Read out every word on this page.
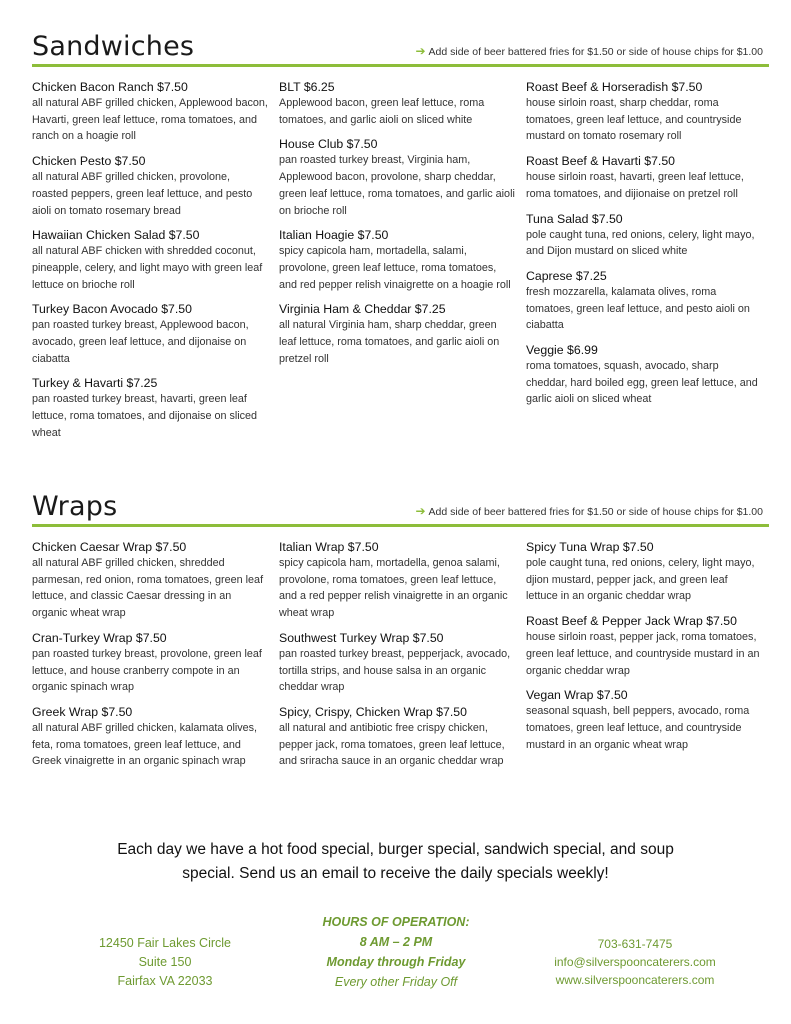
Sandwiches	➔ Add side of beer battered fries for $1.50 or side of house chips for $1.00
Chicken Bacon Ranch $7.50
all natural ABF grilled chicken, Applewood bacon, Havarti, green leaf lettuce, roma tomatoes, and ranch on a hoagie roll
Chicken Pesto $7.50
all natural ABF grilled chicken, provolone, roasted peppers, green leaf lettuce, and pesto aioli on tomato rosemary bread
Hawaiian Chicken Salad $7.50
all natural ABF chicken with shredded coconut, pineapple, celery, and light mayo with green leaf lettuce on brioche roll
Turkey Bacon Avocado $7.50
pan roasted turkey breast, Applewood bacon, avocado, green leaf lettuce, and dijonaise on ciabatta
Turkey & Havarti $7.25
pan roasted turkey breast, havarti, green leaf lettuce, roma tomatoes, and dijonaise on sliced wheat
BLT $6.25
Applewood bacon, green leaf lettuce, roma tomatoes, and garlic aioli on sliced white
House Club $7.50
pan roasted turkey breast, Virginia ham, Applewood bacon, provolone, sharp cheddar, green leaf lettuce, roma tomatoes, and garlic aioli on brioche roll
Italian Hoagie $7.50
spicy capicola ham, mortadella, salami, provolone, green leaf lettuce, roma tomatoes, and red pepper relish vinaigrette on a hoagie roll
Virginia Ham & Cheddar $7.25
all natural Virginia ham, sharp cheddar, green leaf lettuce, roma tomatoes, and garlic aioli on pretzel roll
Roast Beef & Horseradish $7.50
house sirloin roast, sharp cheddar, roma tomatoes, green leaf lettuce, and countryside mustard on tomato rosemary roll
Roast Beef & Havarti $7.50
house sirloin roast, havarti, green leaf lettuce, roma tomatoes, and dijionaise on pretzel roll
Tuna Salad $7.50
pole caught tuna, red onions, celery, light mayo, and Dijon mustard on sliced white
Caprese $7.25
fresh mozzarella, kalamata olives, roma tomatoes, green leaf lettuce, and pesto aioli on ciabatta
Veggie $6.99
roma tomatoes, squash, avocado, sharp cheddar, hard boiled egg, green leaf lettuce, and garlic aioli on sliced wheat
Wraps	➔ Add side of beer battered fries for $1.50 or side of house chips for $1.00
Chicken Caesar Wrap $7.50
all natural ABF grilled chicken, shredded parmesan, red onion, roma tomatoes, green leaf lettuce, and classic Caesar dressing in an organic wheat wrap
Cran-Turkey Wrap $7.50
pan roasted turkey breast, provolone, green leaf lettuce, and house cranberry compote in an organic spinach wrap
Greek Wrap $7.50
all natural ABF grilled chicken, kalamata olives, feta, roma tomatoes, green leaf lettuce, and Greek vinaigrette in an organic spinach wrap
Italian Wrap $7.50
spicy capicola ham, mortadella, genoa salami, provolone, roma tomatoes, green leaf lettuce, and a red pepper relish vinaigrette in an organic wheat wrap
Southwest Turkey Wrap $7.50
pan roasted turkey breast, pepperjack, avocado, tortilla strips, and house salsa in an organic cheddar wrap
Spicy, Crispy, Chicken Wrap $7.50
all natural and antibiotic free crispy chicken, pepper jack, roma tomatoes, green leaf lettuce, and sriracha sauce in an organic cheddar wrap
Spicy Tuna Wrap $7.50
pole caught tuna, red onions, celery, light mayo, djion mustard, pepper jack, and green leaf lettuce in an organic cheddar wrap
Roast Beef & Pepper Jack Wrap $7.50
house sirloin roast, pepper jack, roma tomatoes, green leaf lettuce, and countryside mustard in an organic cheddar wrap
Vegan Wrap $7.50
seasonal squash, bell peppers, avocado, roma tomatoes, green leaf lettuce, and countryside mustard in an organic wheat wrap
Each day we have a hot food special, burger special, sandwich special, and soup
special. Send us an email to receive the daily specials weekly!
12450 Fair Lakes Circle
Suite 150
Fairfax VA 22033
HOURS OF OPERATION:
8 AM – 2 PM
Monday through Friday
Every other Friday Off
703-631-7475
info@silverspooncaterers.com
www.silverspooncaterers.com
